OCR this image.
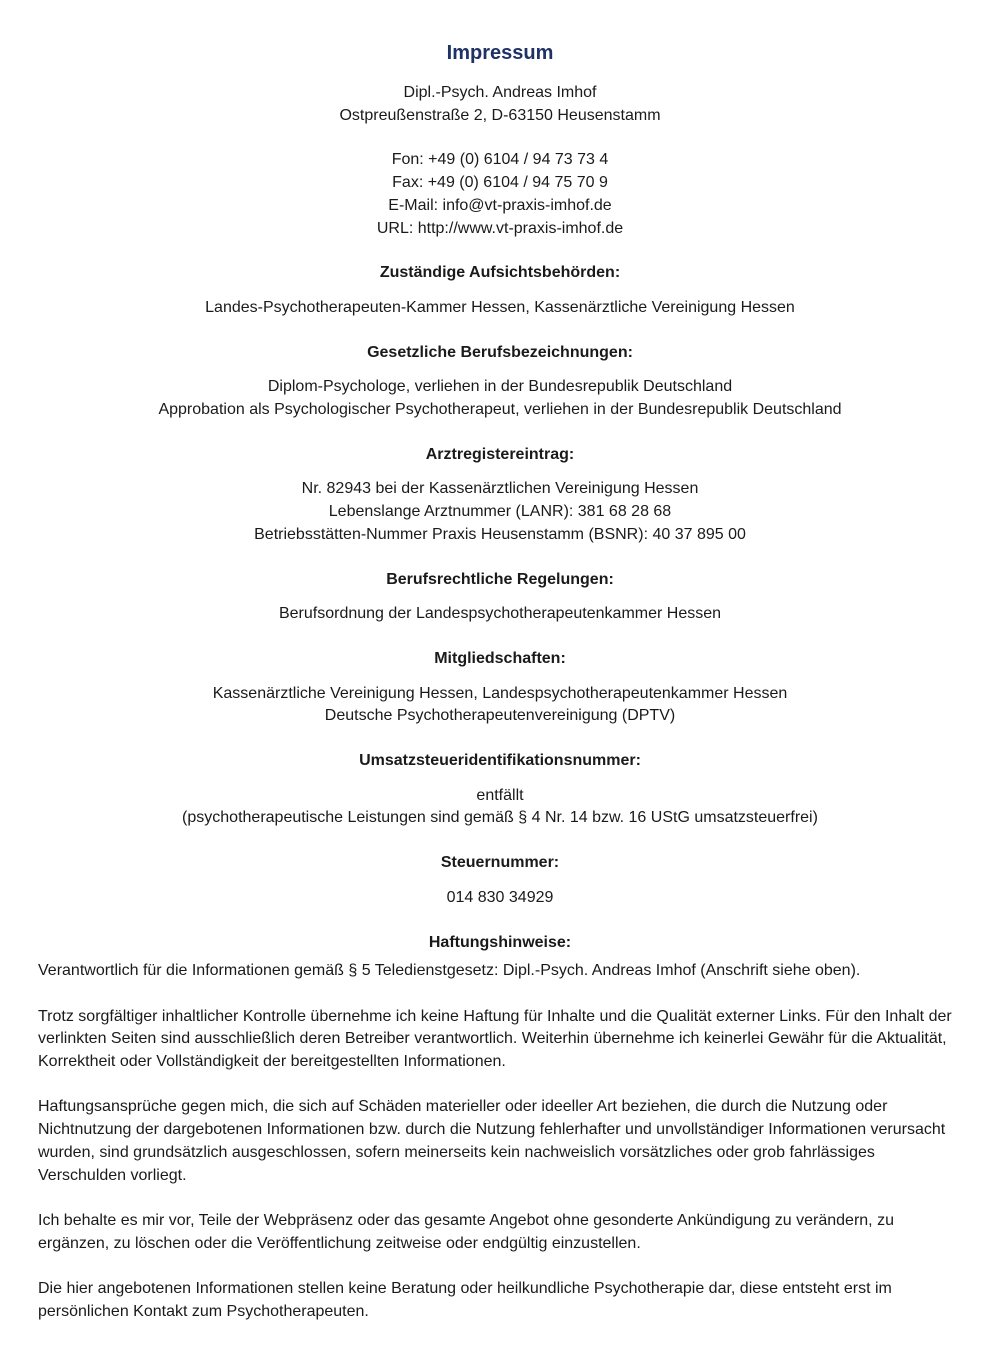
Impressum
Dipl.-Psych. Andreas Imhof
Ostpreußenstraße 2, D-63150 Heusenstamm
Fon: +49 (0) 6104 / 94 73 73 4
Fax: +49 (0) 6104 / 94 75 70 9
E-Mail: info@vt-praxis-imhof.de
URL: http://www.vt-praxis-imhof.de
Zuständige Aufsichtsbehörden:
Landes-Psychotherapeuten-Kammer Hessen, Kassenärztliche Vereinigung Hessen
Gesetzliche Berufsbezeichnungen:
Diplom-Psychologe, verliehen in der Bundesrepublik Deutschland
Approbation als Psychologischer Psychotherapeut, verliehen in der Bundesrepublik Deutschland
Arztregistereintrag:
Nr. 82943 bei der Kassenärztlichen Vereinigung Hessen
Lebenslange Arztnummer (LANR): 381 68 28 68
Betriebsstätten-Nummer Praxis Heusenstamm (BSNR): 40 37 895 00
Berufsrechtliche Regelungen:
Berufsordnung der Landespsychotherapeutenkammer Hessen
Mitgliedschaften:
Kassenärztliche Vereinigung Hessen, Landespsychotherapeutenkammer Hessen
Deutsche Psychotherapeutenvereinigung (DPTV)
Umsatzsteueridentifikationsnummer:
entfällt
(psychotherapeutische Leistungen sind gemäß § 4 Nr. 14 bzw. 16 UStG umsatzsteuerfrei)
Steuernummer:
014 830 34929
Haftungshinweise:

Verantwortlich für die Informationen gemäß § 5 Teledienstgesetz: Dipl.-Psych. Andreas Imhof (Anschrift siehe oben).

Trotz sorgfältiger inhaltlicher Kontrolle übernehme ich keine Haftung für Inhalte und die Qualität externer Links. Für den Inhalt der verlinkten Seiten sind ausschließlich deren Betreiber verantwortlich. Weiterhin übernehme ich keinerlei Gewähr für die Aktualität, Korrektheit oder Vollständigkeit der bereitgestellten Informationen.

Haftungsansprüche gegen mich, die sich auf Schäden materieller oder ideeller Art beziehen, die durch die Nutzung oder Nichtnutzung der dargebotenen Informationen bzw. durch die Nutzung fehlerhafter und unvollständiger Informationen verursacht wurden, sind grundsätzlich ausgeschlossen, sofern meinerseits kein nachweislich vorsätzliches oder grob fahrlässiges Verschulden vorliegt.

Ich behalte es mir vor, Teile der Webpräsenz oder das gesamte Angebot ohne gesonderte Ankündigung zu verändern, zu ergänzen, zu löschen oder die Veröffentlichung zeitweise oder endgültig einzustellen.

Die hier angebotenen Informationen stellen keine Beratung oder heilkundliche Psychotherapie dar, diese entsteht erst im persönlichen Kontakt zum Psychotherapeuten.
